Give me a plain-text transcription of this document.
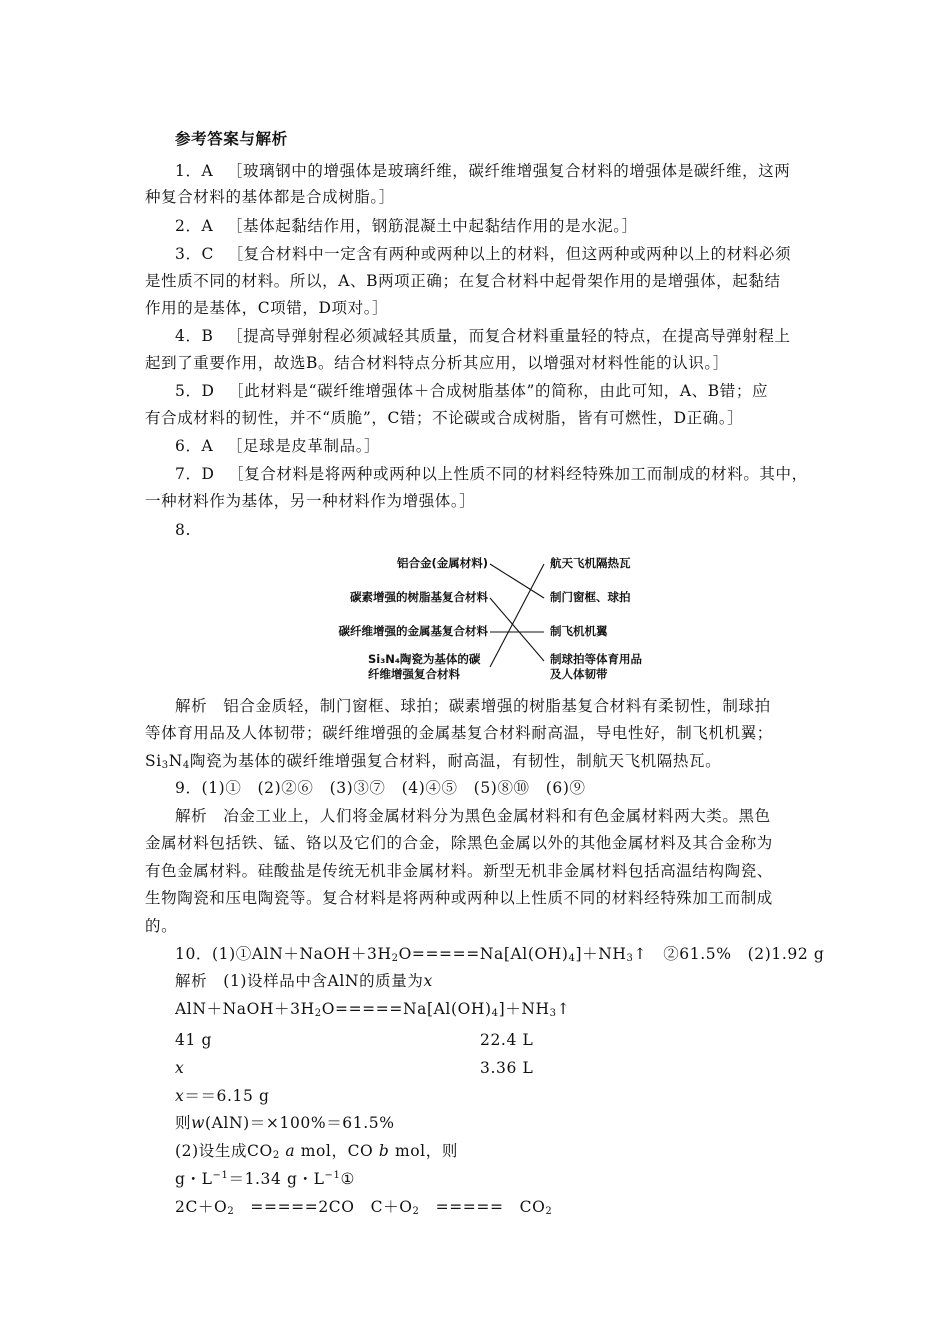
参考答案与解析
1．A ［玻璃钢中的增强体是玻璃纤维，碳纤维增强复合材料的增强体是碳纤维，这两
种复合材料的基体都是合成树脂。］
2．A ［基体起黏结作用，钢筋混凝土中起黏结作用的是水泥。］
3．C ［复合材料中一定含有两种或两种以上的材料，但这两种或两种以上的材料必须
是性质不同的材料。所以，A、B两项正确；在复合材料中起骨架作用的是增强体，起黏结
作用的是基体，C项错，D项对。］
4．B ［提高导弹射程必须减轻其质量，而复合材料重量轻的特点，在提高导弹射程上
起到了重要作用，故选B。结合材料特点分析其应用，以增强对材料性能的认识。］
5．D ［此材料是“碳纤维增强体＋合成树脂基体”的简称，由此可知，A、B错；应
有合成材料的韧性，并不“质脆”，C错；不论碳或合成树脂，皆有可燃性，D正确。］
6．A ［足球是皮革制品。］
7．D ［复合材料是将两种或两种以上性质不同的材料经特殊加工而制成的材料。其中，
一种材料作为基体，另一种材料作为增强体。］
8.
铝合金(金属材料)
碳素增强的树脂基复合材料
碳纤维增强的金属基复合材料
Si₃N₄陶瓷为基体的碳
纤维增强复合材料
航天飞机隔热瓦
制门窗框、球拍
制飞机机翼
制球拍等体育用品
及人体韧带
解析　铝合金质轻，制门窗框、球拍；碳素增强的树脂基复合材料有柔韧性，制球拍
等体育用品及人体韧带；碳纤维增强的金属基复合材料耐高温，导电性好，制飞机机翼；
$Si_3N_4$陶瓷为基体的碳纤维增强复合材料，耐高温，有韧性，制航天飞机隔热瓦。
9．(1)①　(2)②⑥　(3)③⑦　(4)④⑤　(5)⑧⑩　(6)⑨
解析　冶金工业上，人们将金属材料分为黑色金属材料和有色金属材料两大类。黑色
金属材料包括铁、锰、铬以及它们的合金，除黑色金属以外的其他金属材料及其合金称为
有色金属材料。硅酸盐是传统无机非金属材料。新型无机非金属材料包括高温结构陶瓷、
生物陶瓷和压电陶瓷等。复合材料是将两种或两种以上性质不同的材料经特殊加工而制成
的。
10．$(1)①AlN+NaOH+3H_2O=====Na[Al(OH)_4]+NH_3↑$　②61.5%　(2)1.92 g
解析　(1)设样品中含AlN的质量为x
$AlN+NaOH+3H_2O=====Na[Al(OH)_4]+NH_3↑$
41 g	22.4 L
x	3.36 L
x＝＝6.15 g
则w(AlN)＝×100%＝61.5%
(2)设生成$CO_2$ a mol，CO b mol，则
g・$L^{-1}=1.34$ g・$L^{-1}①$
$2C+O_2$　=====2CO　$C+O_2$　=====　$CO_2$
